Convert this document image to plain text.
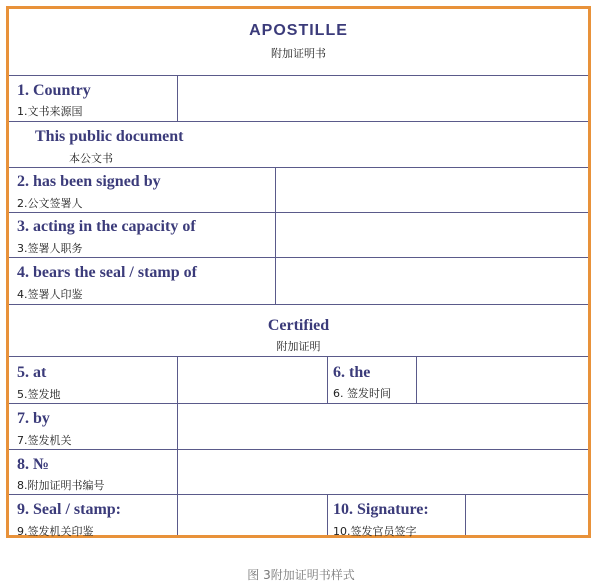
APOSTILLE
附加证明书
1. Country
1.文书来源国
This public document
本公文书
2. has been signed by
2.公文签署人
3. acting in the capacity of
3.签署人职务
4. bears the seal / stamp of
4.签署人印鉴
Certified
附加证明
5. at
5.签发地
6. the
6. 签发时间
7. by
7.签发机关
8. №
8.附加证明书编号
9. Seal / stamp:
9.签发机关印鉴
10. Signature:
10.签发官员签字
图 3附加证明书样式
